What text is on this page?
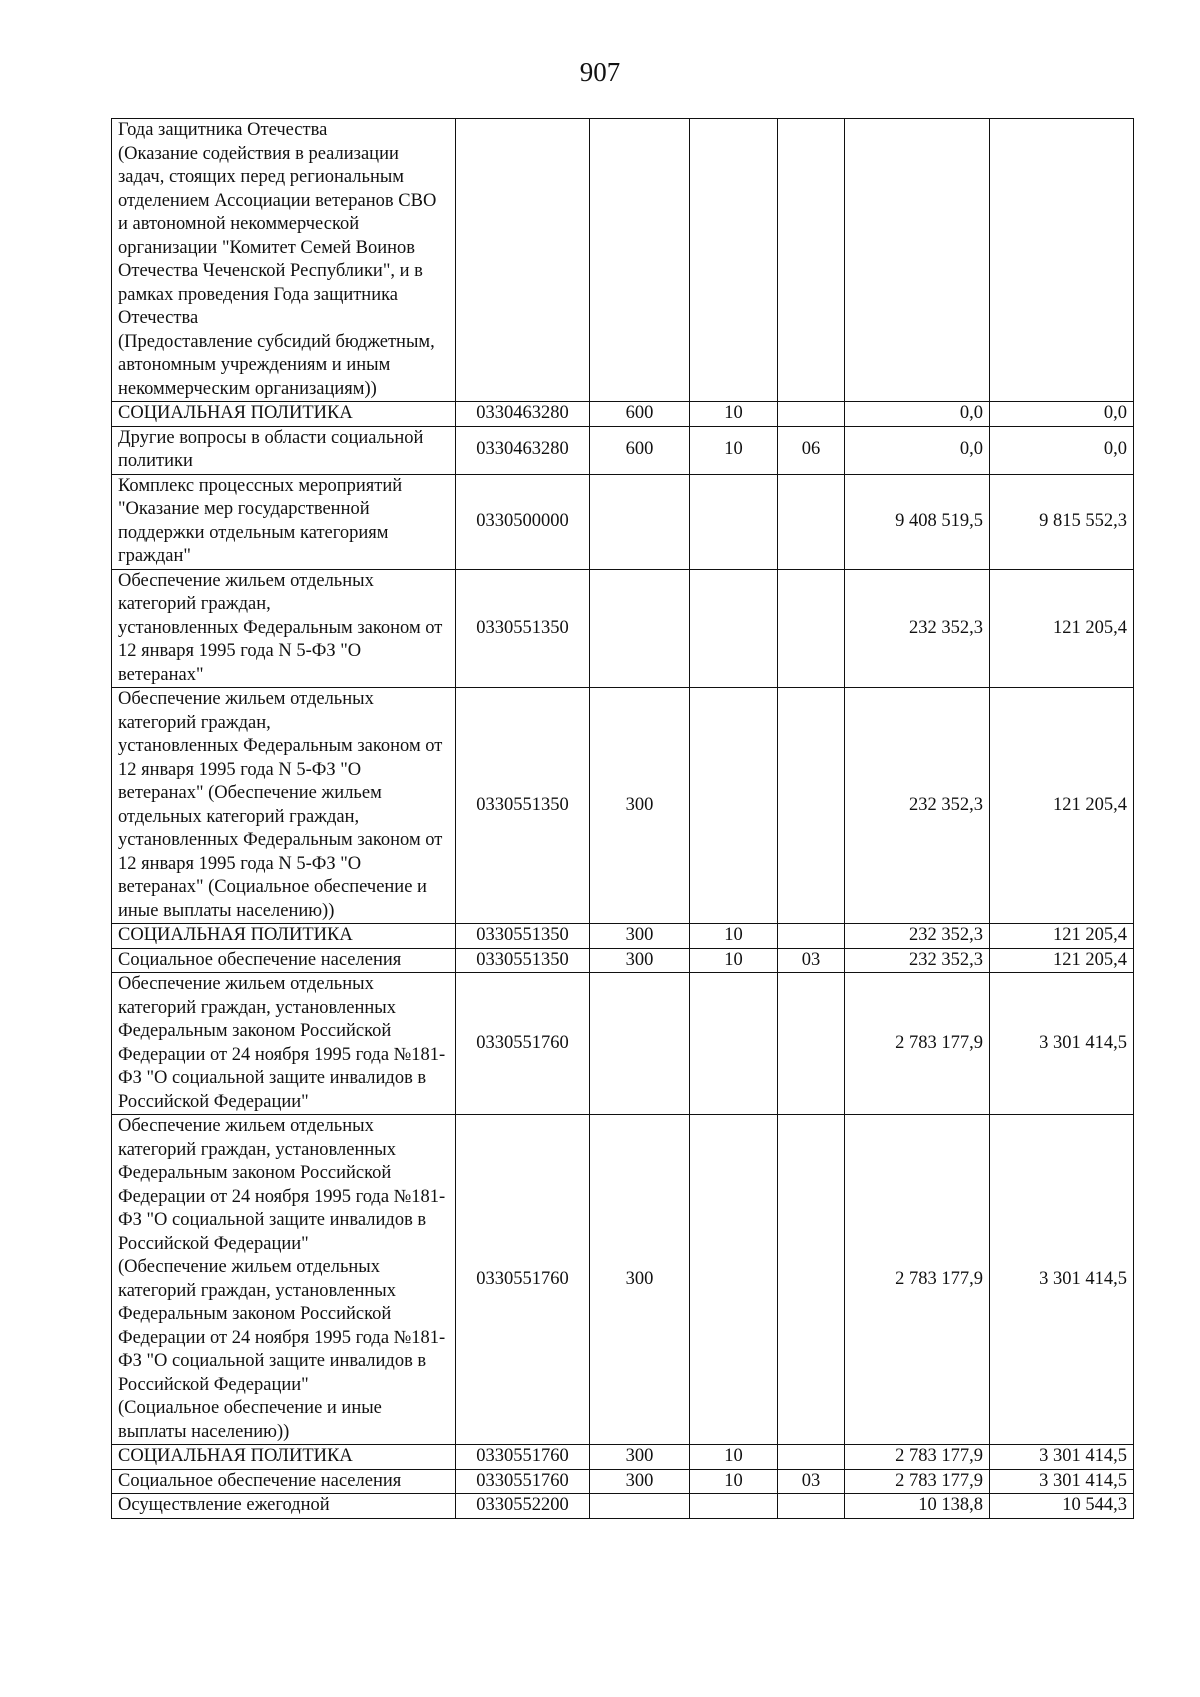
907
Года защитника Отечества
(Оказание содействия в реализации задач, стоящих перед региональным отделением Ассоциации ветеранов СВО и автономной некоммерческой организации "Комитет Семей Воинов Отечества Чеченской Республики", и в рамках проведения Года защитника Отечества
(Предоставление субсидий бюджетным, автономным учреждениям и иным некоммерческим организациям))						
СОЦИАЛЬНАЯ ПОЛИТИКА	0330463280	600	10		0,0	0,0
Другие вопросы в области социальной политики	0330463280	600	10	06	0,0	0,0
Комплекс процессных мероприятий "Оказание мер государственной поддержки отдельным категориям граждан"	0330500000				9 408 519,5	9 815 552,3
Обеспечение жильем отдельных категорий граждан,
установленных Федеральным законом от 12 января 1995 года N 5-ФЗ "О ветеранах"	0330551350				232 352,3	121 205,4
Обеспечение жильем отдельных категорий граждан,
установленных Федеральным законом от 12 января 1995 года N 5-ФЗ "О ветеранах" (Обеспечение жильем отдельных категорий граждан,
установленных Федеральным законом от 12 января 1995 года N 5-ФЗ "О ветеранах" (Социальное обеспечение и иные выплаты населению))	0330551350	300			232 352,3	121 205,4
СОЦИАЛЬНАЯ ПОЛИТИКА	0330551350	300	10		232 352,3	121 205,4
Социальное обеспечение населения	0330551350	300	10	03	232 352,3	121 205,4
Обеспечение жильем отдельных категорий граждан, установленных Федеральным законом Российской Федерации от 24 ноября 1995 года №181-ФЗ "О социальной защите инвалидов в Российской Федерации"	0330551760				2 783 177,9	3 301 414,5
Обеспечение жильем отдельных категорий граждан, установленных Федеральным законом Российской Федерации от 24 ноября 1995 года №181-ФЗ "О социальной защите инвалидов в Российской Федерации"
(Обеспечение жильем отдельных категорий граждан, установленных Федеральным законом Российской Федерации от 24 ноября 1995 года №181-ФЗ "О социальной защите инвалидов в Российской Федерации"
(Социальное обеспечение и иные выплаты населению))	0330551760	300			2 783 177,9	3 301 414,5
СОЦИАЛЬНАЯ ПОЛИТИКА	0330551760	300	10		2 783 177,9	3 301 414,5
Социальное обеспечение населения	0330551760	300	10	03	2 783 177,9	3 301 414,5
Осуществление ежегодной	0330552200				10 138,8	10 544,3
